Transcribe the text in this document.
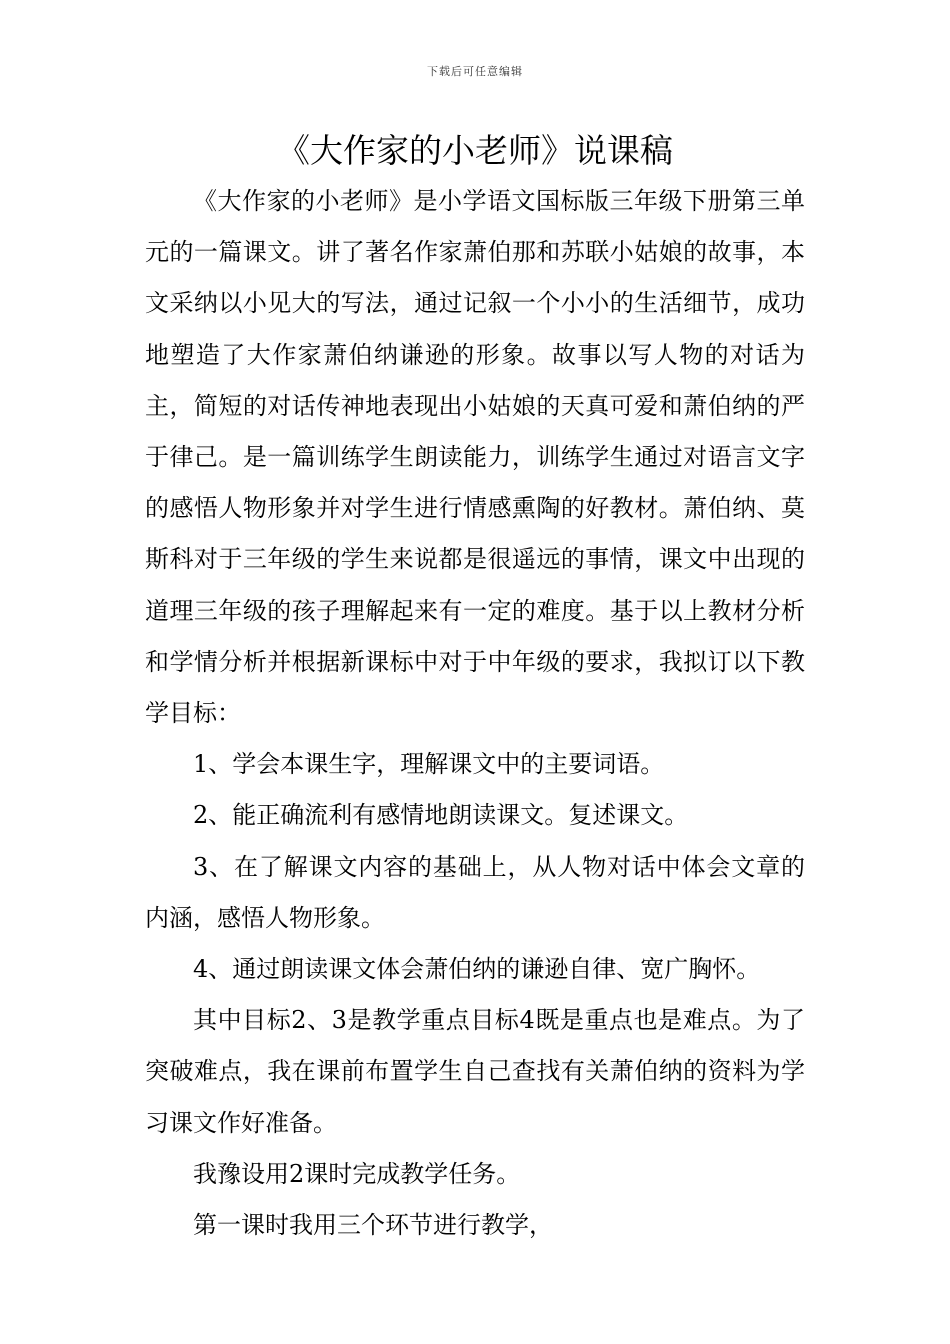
下载后可任意编辑
《大作家的小老师》说课稿

《大作家的小老师》是小学语文国标版三年级下册第三单元的一篇课文。讲了著名作家萧伯那和苏联小姑娘的故事，本文采纳以小见大的写法，通过记叙一个小小的生活细节，成功地塑造了大作家萧伯纳谦逊的形象。故事以写人物的对话为主，简短的对话传神地表现出小姑娘的天真可爱和萧伯纳的严于律己。是一篇训练学生朗读能力，训练学生通过对语言文字的感悟人物形象并对学生进行情感熏陶的好教材。萧伯纳、莫斯科对于三年级的学生来说都是很遥远的事情，课文中出现的道理三年级的孩子理解起来有一定的难度。基于以上教材分析和学情分析并根据新课标中对于中年级的要求，我拟订以下教学目标：

1、学会本课生字，理解课文中的主要词语。

2、能正确流利有感情地朗读课文。复述课文。

3、在了解课文内容的基础上，从人物对话中体会文章的内涵，感悟人物形象。

4、通过朗读课文体会萧伯纳的谦逊自律、宽广胸怀。

其中目标2、3是教学重点目标4既是重点也是难点。为了突破难点，我在课前布置学生自己查找有关萧伯纳的资料为学习课文作好准备。

我豫设用2课时完成教学任务。

第一课时我用三个环节进行教学，
